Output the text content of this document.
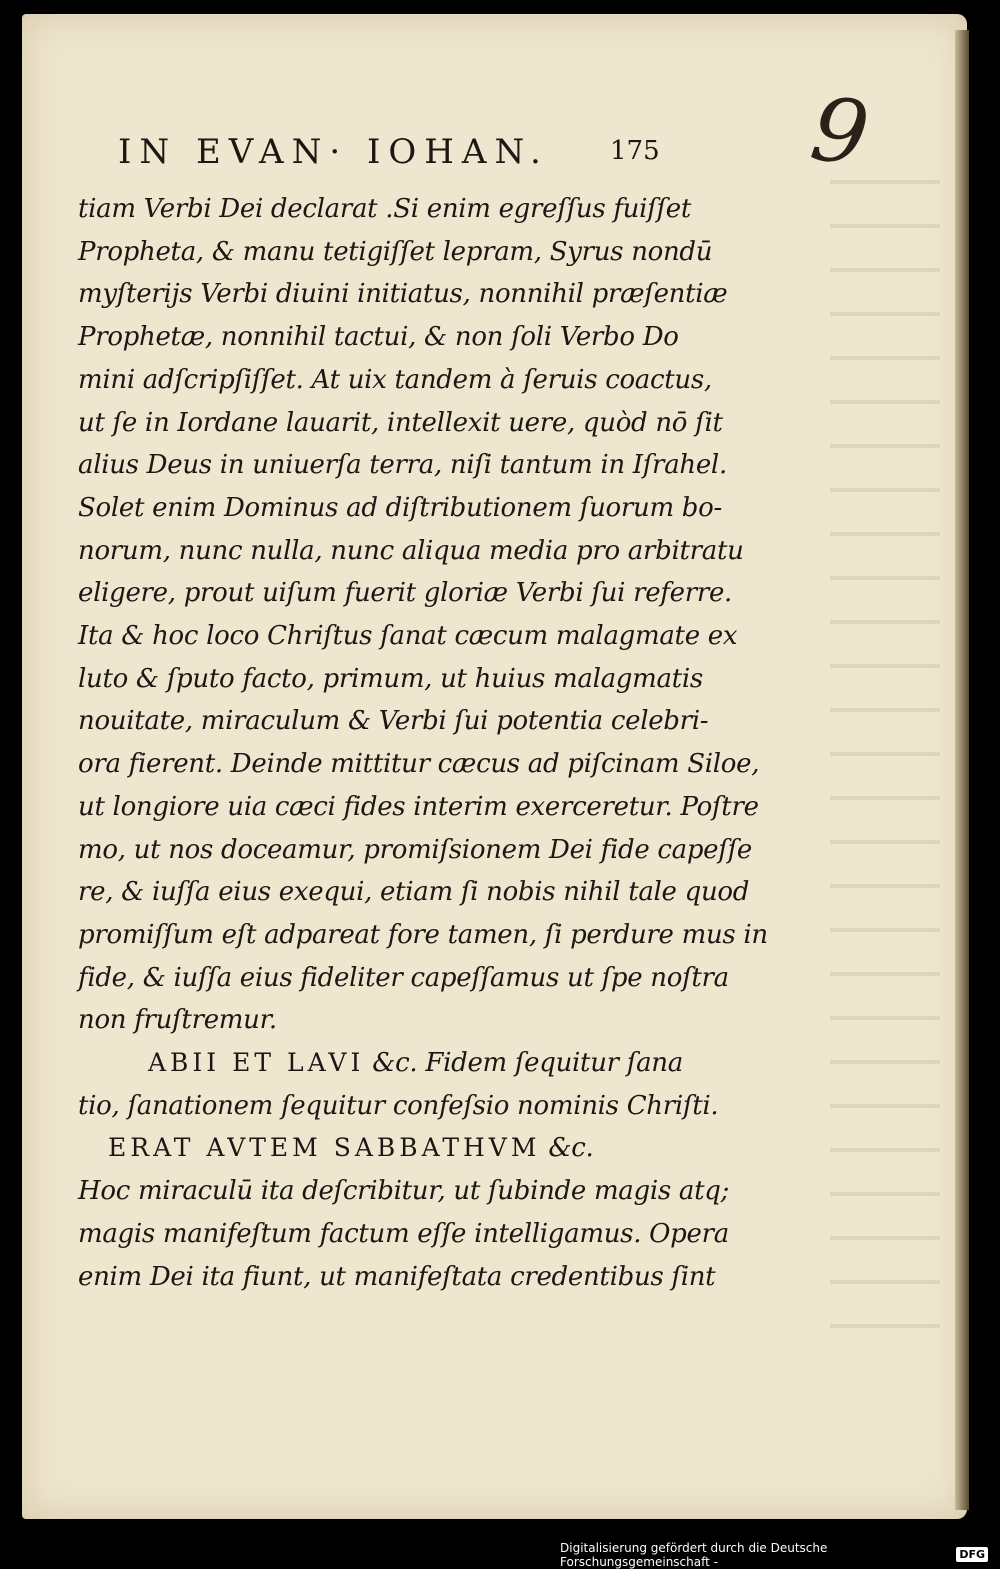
IN EVAN· IOHAN.	175 9
tiam Verbi Dei declarat .Si enim egreſſus fuiſſet
Propheta, & manu tetigiſſet lepram, Syrus nondū
myſterijs Verbi diuini initiatus, nonnihil præſentiæ
Prophetæ, nonnihil tactui, & non ſoli Verbo Do
mini adſcripſiſſet. At uix tandem à ſeruis coactus,
ut ſe in Iordane lauarit, intellexit uere, quòd nō ſit
alius Deus in uniuerſa terra, niſi tantum in Iſrahel.
Solet enim Dominus ad diſtributionem ſuorum bo-
norum, nunc nulla, nunc aliqua media pro arbitratu
eligere, prout uiſum fuerit gloriæ Verbi ſui referre.
Ita & hoc loco Chriſtus ſanat cæcum malagmate ex
luto & ſputo facto, primum, ut huius malagmatis
nouitate, miraculum & Verbi ſui potentia celebri-
ora fierent. Deinde mittitur cæcus ad piſcinam Siloe,
ut longiore uia cæci fides interim exerceretur. Poſtre
mo, ut nos doceamur, promiſsionem Dei fide capeſſe
re, & iuſſa eius exequi, etiam ſi nobis nihil tale quod
promiſſum eſt adpareat fore tamen, ſi perdure mus in
fide, & iuſſa eius fideliter capeſſamus ut ſpe noſtra
non fruſtremur.
ABII ET LAVI &c. Fidem ſequitur ſana
tio, ſanationem ſequitur confeſsio nominis Chriſti.
ERAT AVTEM SABBATHVM &c.
Hoc miraculū ita deſcribitur, ut ſubinde magis atq;
magis manifeſtum factum eſſe intelligamus. Opera
enim Dei ita fiunt, ut manifeſtata credentibus ſint
Digitalisierung gefördert durch die Deutsche Forschungsgemeinschaft -	DFG
